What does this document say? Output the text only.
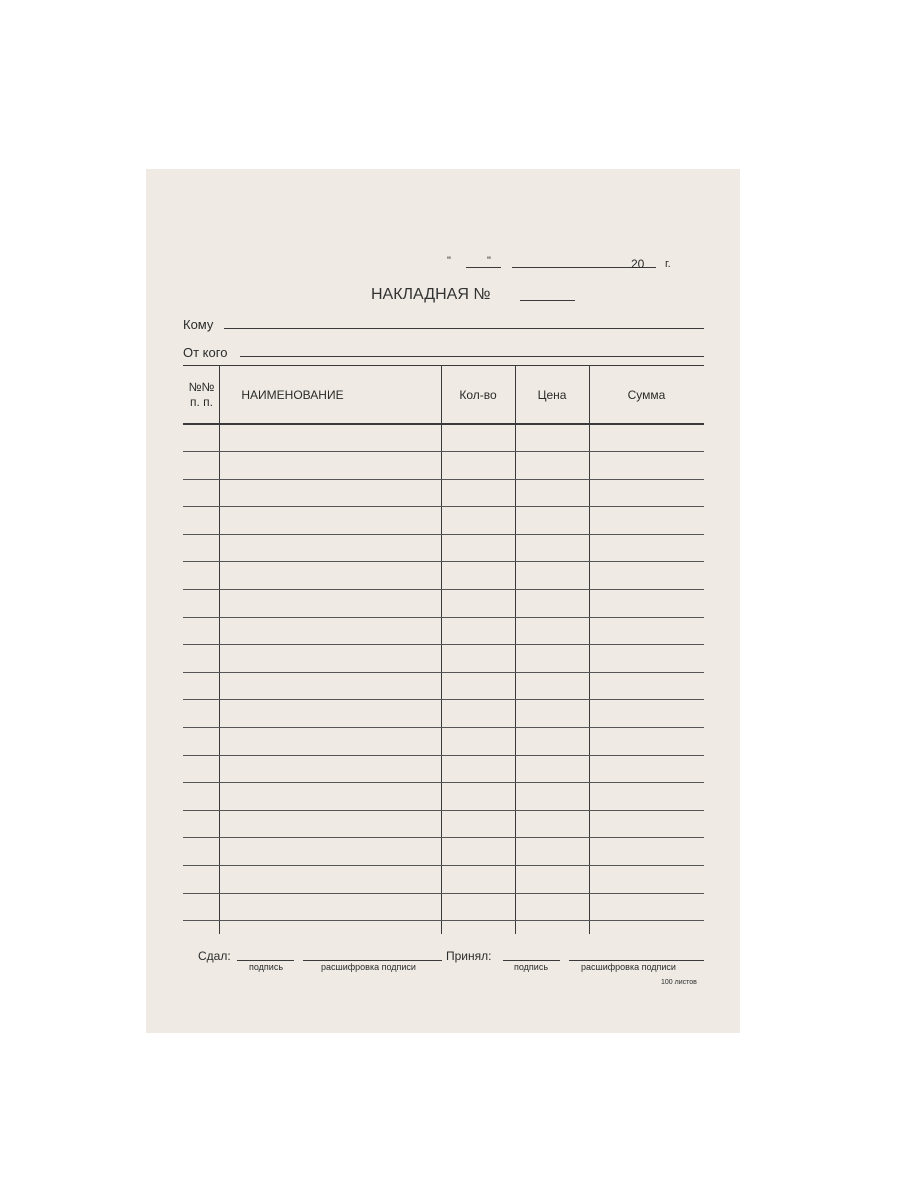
"	"	20 г.
НАКЛАДНАЯ №
Кому
От кого
№№
п. п.	НАИМЕНОВАНИЕ	Кол-во	Цена	Сумма
Сдал:
подпись	расшифровка подписи
Принял:
подпись	расшифровка подписи
100 листов
